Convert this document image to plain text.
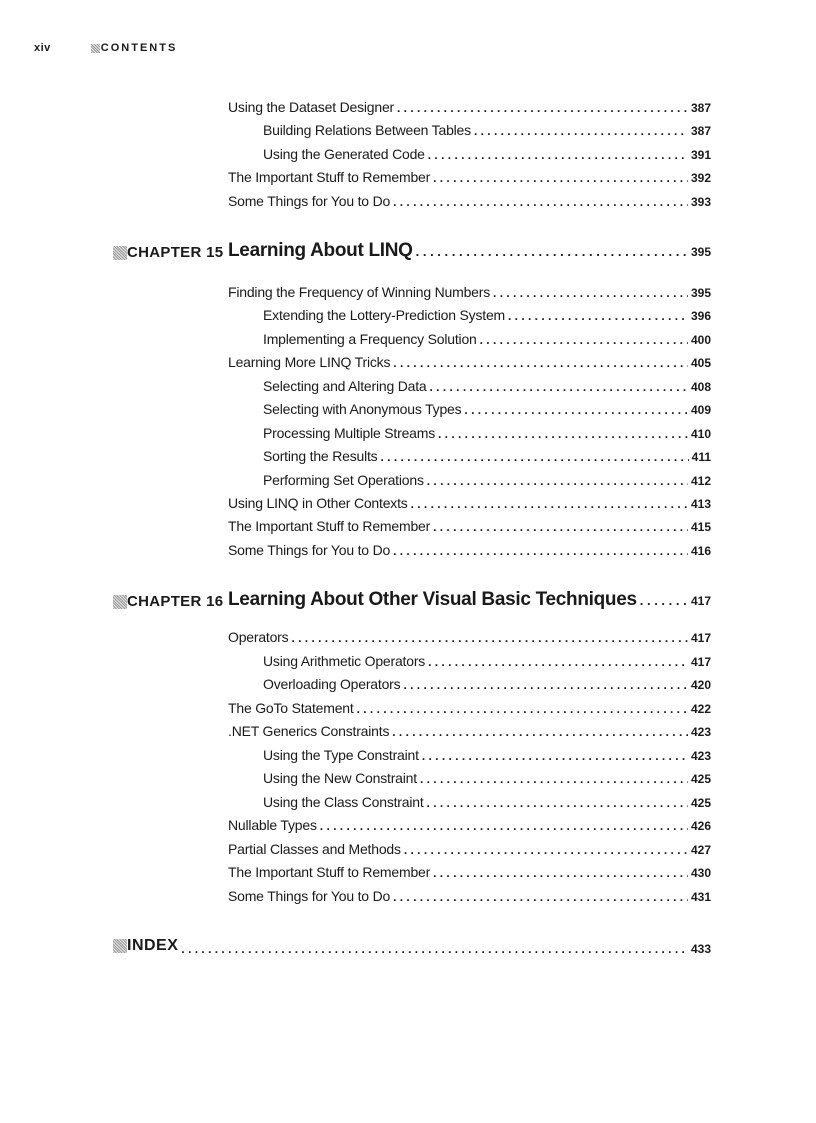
xiv	CONTENTS
Using the Dataset Designer . . .	387
Building Relations Between Tables . . .	387
Using the Generated Code . . .	391
The Important Stuff to Remember . . .	392
Some Things for You to Do . . .	393
CHAPTER 15 Learning About LINQ . . .	395
Finding the Frequency of Winning Numbers . . .	395
Extending the Lottery-Prediction System . . .	396
Implementing a Frequency Solution . . .	400
Learning More LINQ Tricks . . .	405
Selecting and Altering Data . . .	408
Selecting with Anonymous Types . . .	409
Processing Multiple Streams . . .	410
Sorting the Results . . .	411
Performing Set Operations . . .	412
Using LINQ in Other Contexts . . .	413
The Important Stuff to Remember . . .	415
Some Things for You to Do . . .	416
CHAPTER 16 Learning About Other Visual Basic Techniques . . .	417
Operators . . .	417
Using Arithmetic Operators . . .	417
Overloading Operators . . .	420
The GoTo Statement . . .	422
.NET Generics Constraints . . .	423
Using the Type Constraint . . .	423
Using the New Constraint . . .	425
Using the Class Constraint . . .	425
Nullable Types . . .	426
Partial Classes and Methods . . .	427
The Important Stuff to Remember . . .	430
Some Things for You to Do . . .	431
INDEX . . .	433
